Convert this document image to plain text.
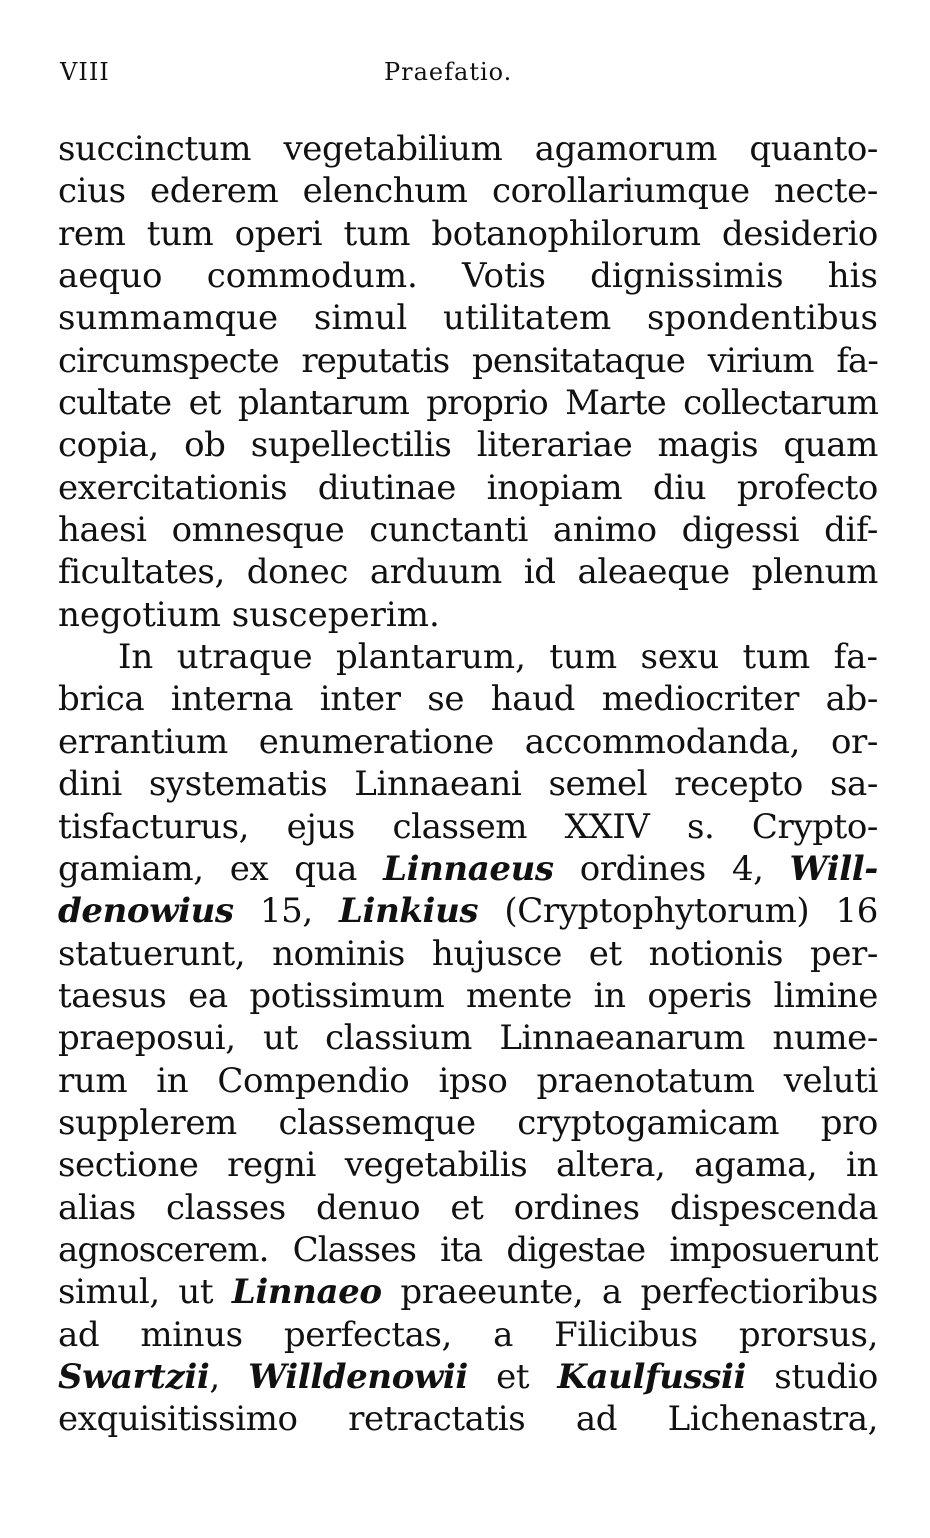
VIII	Praefatio.
succinctum vegetabilium agamorum quanto-
cius ederem elenchum corollariumque necte-
rem tum operi tum botanophilorum desiderio
aequo commodum. Votis dignissimis his
summamque simul utilitatem spondentibus
circumspecte reputatis pensitataque virium fa-
cultate et plantarum proprio Marte collectarum
copia, ob supellectilis literariae magis quam
exercitationis diutinae inopiam diu profecto
haesi omnesque cunctanti animo digessi dif-
ficultates, donec arduum id aleaeque plenum
negotium susceperim.
In utraque plantarum, tum sexu tum fa-
brica interna inter se haud mediocriter ab-
errantium enumeratione accommodanda, or-
dini systematis Linnaeani semel recepto sa-
tisfacturus, ejus classem XXIV s. Crypto-
gamiam, ex qua Linnaeus ordines 4, Will-
denowius 15, Linkius (Cryptophytorum) 16
statuerunt, nominis hujusce et notionis per-
taesus ea potissimum mente in operis limine
praeposui, ut classium Linnaeanarum nume-
rum in Compendio ipso praenotatum veluti
supplerem classemque cryptogamicam pro
sectione regni vegetabilis altera, agama, in
alias classes denuo et ordines dispescenda
agnoscerem. Classes ita digestae imposuerunt
simul, ut Linnaeo praeeunte, a perfectioribus
ad minus perfectas, a Filicibus prorsus,
Swartzii, Willdenowii et Kaulfussii studio
exquisitissimo retractatis ad Lichenastra,
